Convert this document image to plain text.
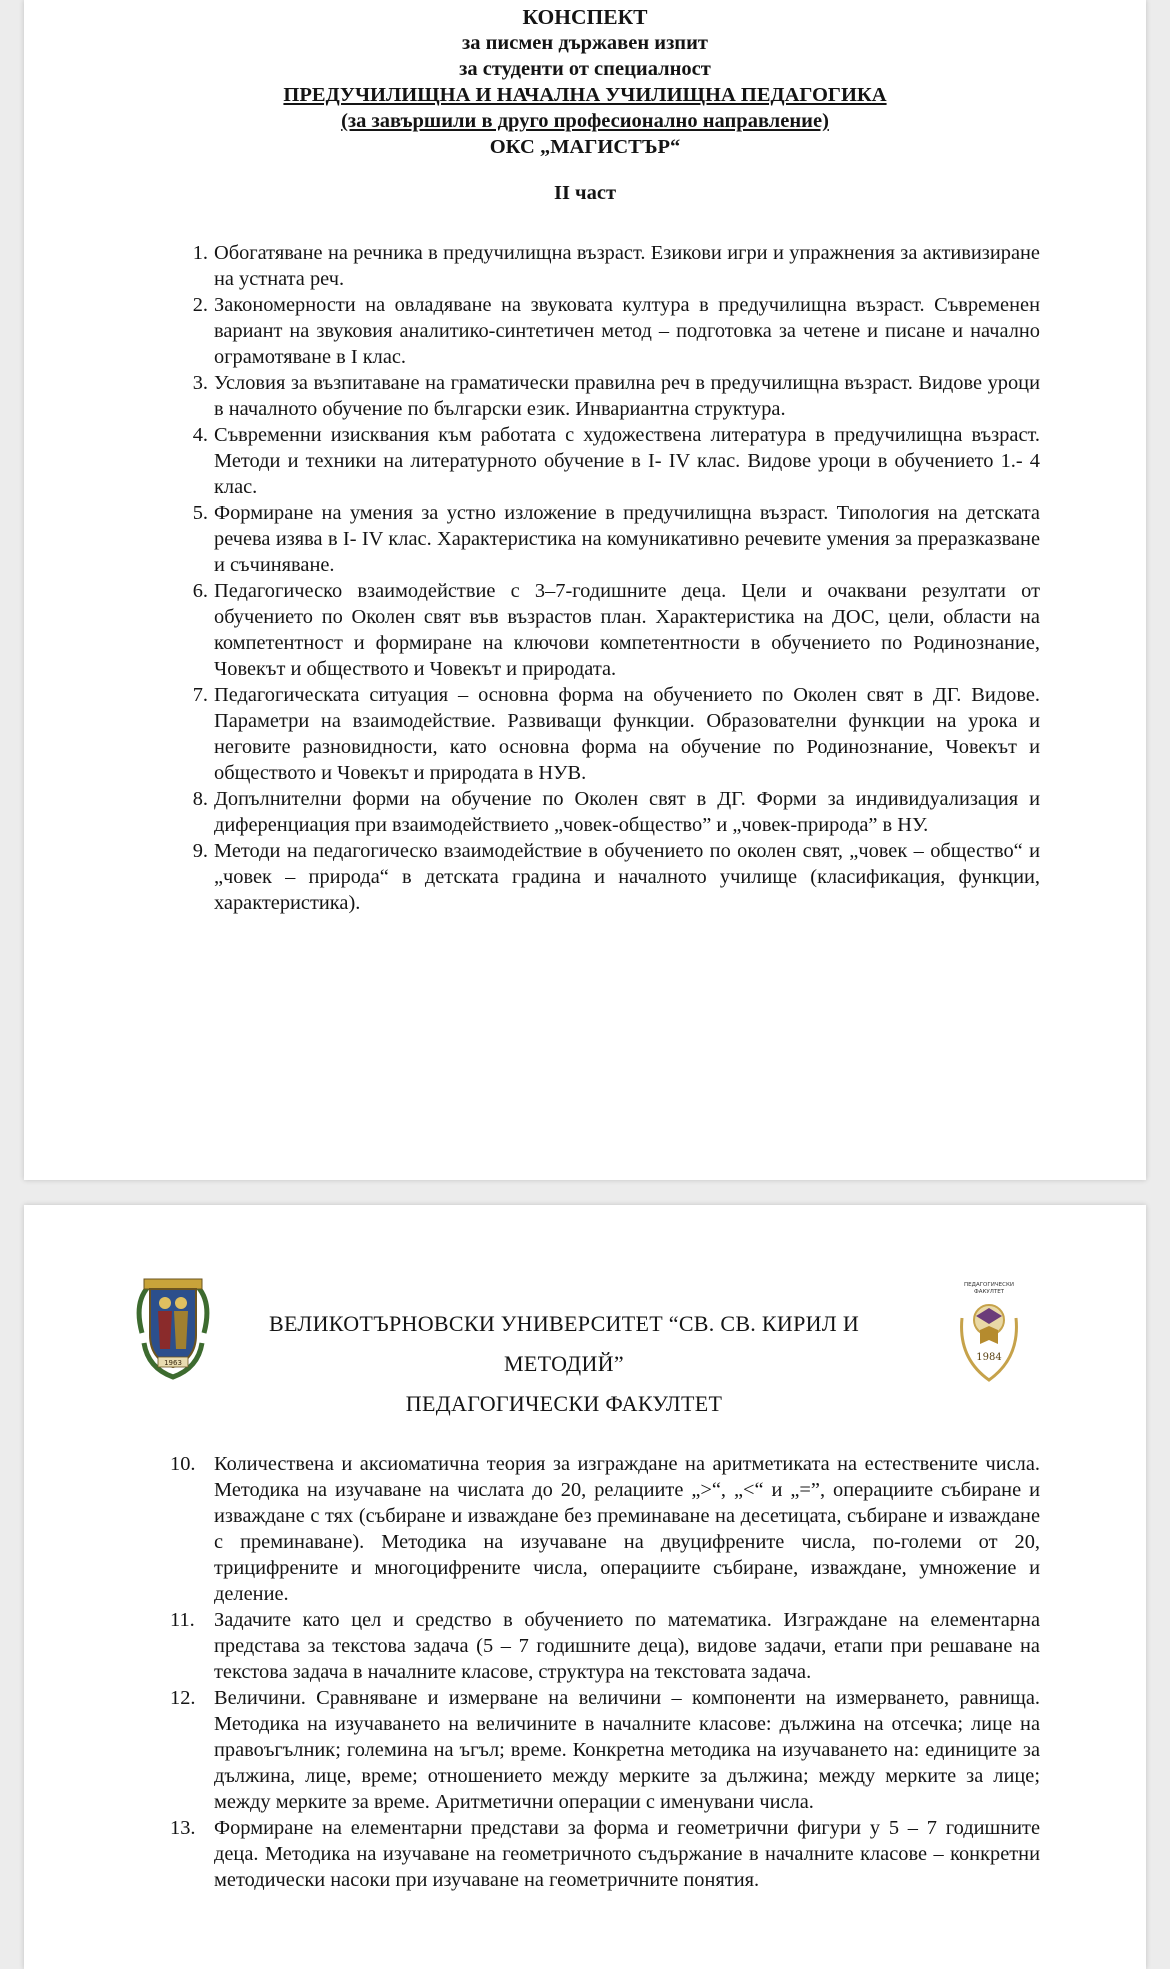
КОНСПЕКТ
за писмен държавен изпит
за студенти от специалност
ПРЕДУЧИЛИЩНА И НАЧАЛНА УЧИЛИЩНА ПЕДАГОГИКА
(за завършили в друго професионално направление)
ОКС „МАГИСТЪР“
II част
1. Обогатяване на речника в предучилищна възраст. Езикови игри и упражнения за активизиране на устната реч.
2. Закономерности на овладяване на звуковата култура в предучилищна възраст. Съвременен вариант на звуковия аналитико-синтетичен метод – подготовка за четене и писане и начално ограмотяване в I клас.
3. Условия за възпитаване на граматически правилна реч в предучилищна възраст. Видове уроци в началното обучение по български език. Инвариантна структура.
4. Съвременни изисквания към работата с художествена литература в предучилищна възраст. Методи и техники на литературното обучение в I- IV клас. Видове уроци в обучението 1.- 4 клас.
5. Формиране на умения за устно изложение в предучилищна възраст. Типология на детската речева изява в I- IV клас. Характеристика на комуникативно речевите умения за преразказване и съчиняване.
6. Педагогическо взаимодействие с 3–7-годишните деца. Цели и очаквани резултати от обучението по Околен свят във възрастов план. Характеристика на ДОС, цели, области на компетентност и формиране на ключови компетентности в обучението по Родинознание, Човекът и обществото и Човекът и природата.
7. Педагогическата ситуация – основна форма на обучението по Околен свят в ДГ. Видове. Параметри на взаимодействие. Развиващи функции. Образователни функции на урока и неговите разновидности, като основна форма на обучение по Родинознание, Човекът и обществото и Човекът и природата в НУВ.
8. Допълнителни форми на обучение по Околен свят в ДГ. Форми за индивидуализация и диференциация при взаимодействието „човек-общество” и „човек-природа” в НУ.
9. Методи на педагогическо взаимодействие в обучението по околен свят, „човек – общество“ и „човек – природа“ в детската градина и началното училище (класификация, функции, характеристика).
1963
ВЕЛИКОТЪРНОВСКИ УНИВЕРСИТЕТ “СВ. СВ. КИРИЛ И
МЕТОДИЙ”
ПЕДАГОГИЧЕСКИ ФАКУЛТЕТ
ПЕДАГОГИЧЕСКИ
ФАКУЛТЕТ
1984
10. Количествена и аксиоматична теория за изграждане на аритметиката на естествените числа. Методика на изучаване на числата до 20, релациите „>“, „<“ и „=”, операциите събиране и изваждане с тях (събиране и изваждане без преминаване на десетицата, събиране и изваждане с преминаване). Методика на изучаване на двуцифрените числа, по-големи от 20, трицифрените и многоцифрените числа, операциите събиране, изваждане, умножение и деление.
11. Задачите като цел и средство в обучението по математика. Изграждане на елементарна представа за текстова задача (5 – 7 годишните деца), видове задачи, етапи при решаване на текстова задача в началните класове, структура на текстовата задача.
12. Величини. Сравняване и измерване на величини – компоненти на измерването, равнища. Методика на изучаването на величините в началните класове: дължина на отсечка; лице на правоъгълник; големина на ъгъл; време. Конкретна методика на изучаването на: единиците за дължина, лице, време; отношението между мерките за дължина; между мерките за лице; между мерките за време. Аритметични операции с именувани числа.
13. Формиране на елементарни представи за форма и геометрични фигури у 5 – 7 годишните деца. Методика на изучаване на геометричното съдържание в началните класове – конкретни методически насоки при изучаване на геометричните понятия.
